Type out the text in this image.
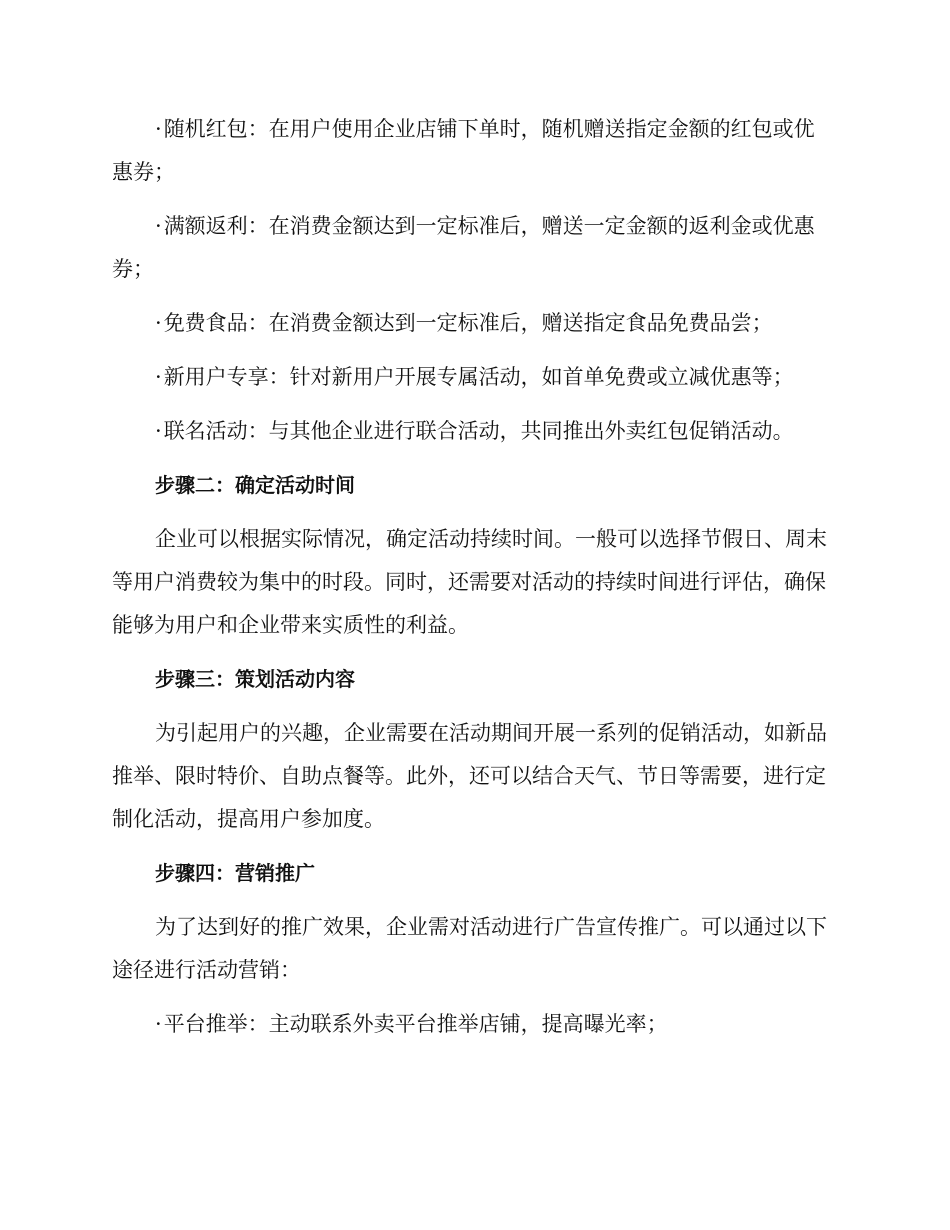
· 随机红包：在用户使用企业店铺下单时，随机赠送指定金额的红包或优惠券；

· 满额返利：在消费金额达到一定标准后，赠送一定金额的返利金或优惠券；

· 免费食品：在消费金额达到一定标准后，赠送指定食品免费品尝；

· 新用户专享：针对新用户开展专属活动，如首单免费或立减优惠等；

· 联名活动：与其他企业进行联合活动，共同推出外卖红包促销活动。

步骤二：确定活动时间

企业可以根据实际情况，确定活动持续时间。一般可以选择节假日、周末等用户消费较为集中的时段。同时，还需要对活动的持续时间进行评估，确保能够为用户和企业带来实质性的利益。

步骤三：策划活动内容

为引起用户的兴趣，企业需要在活动期间开展一系列的促销活动，如新品推举、限时特价、自助点餐等。此外，还可以结合天气、节日等需要，进行定制化活动，提高用户参加度。

步骤四：营销推广

为了达到好的推广效果，企业需对活动进行广告宣传推广。可以通过以下途径进行活动营销：

· 平台推举：主动联系外卖平台推举店铺，提高曝光率；
